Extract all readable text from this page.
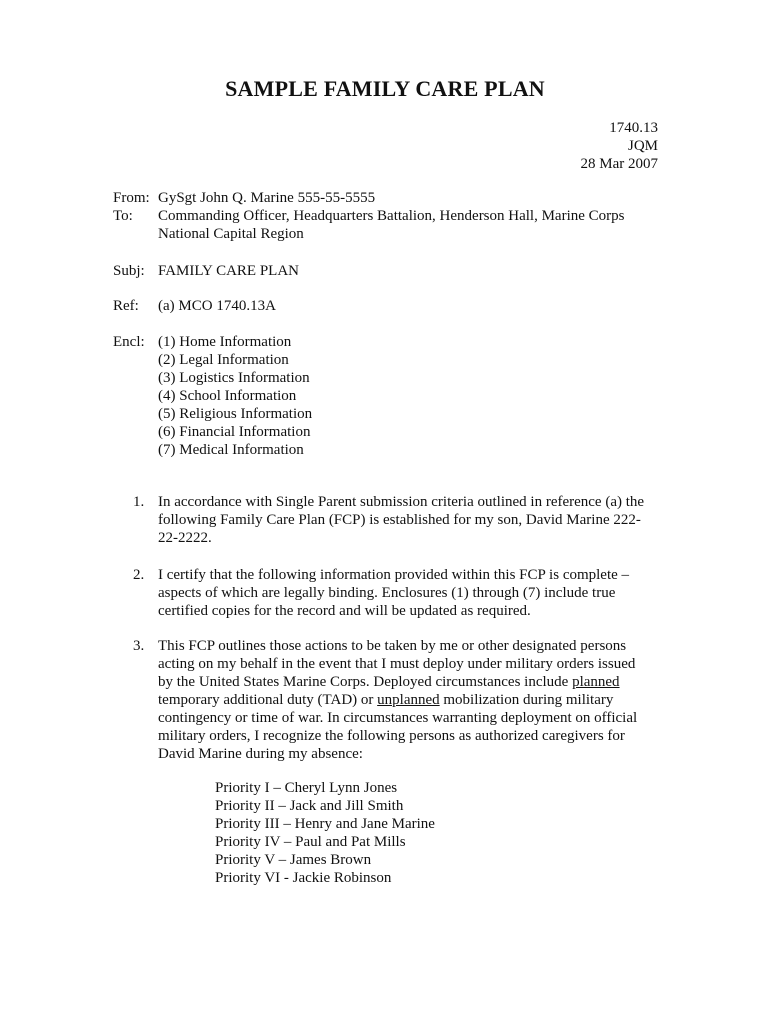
SAMPLE FAMILY CARE PLAN
1740.13
JQM
28 Mar 2007
From: GySgt John Q. Marine 555-55-5555
To:	Commanding Officer, Headquarters Battalion, Henderson Hall, Marine Corps
National Capital Region
Subj: FAMILY CARE PLAN
Ref:	(a) MCO 1740.13A
Encl: (1) Home Information
(2) Legal Information
(3) Logistics Information
(4) School Information
(5) Religious Information
(6) Financial Information
(7) Medical Information
1. In accordance with Single Parent submission criteria outlined in reference (a) the
following Family Care Plan (FCP) is established for my son, David Marine 222-
22-2222.
2. I certify that the following information provided within this FCP is complete –
aspects of which are legally binding. Enclosures (1) through (7) include true
certified copies for the record and will be updated as required.
3. This FCP outlines those actions to be taken by me or other designated persons
acting on my behalf in the event that I must deploy under military orders issued
by the United States Marine Corps. Deployed circumstances include planned
temporary additional duty (TAD) or unplanned mobilization during military
contingency or time of war. In circumstances warranting deployment on official
military orders, I recognize the following persons as authorized caregivers for
David Marine during my absence:
Priority I – Cheryl Lynn Jones
Priority II – Jack and Jill Smith
Priority III – Henry and Jane Marine
Priority IV – Paul and Pat Mills
Priority V – James Brown
Priority VI - Jackie Robinson
